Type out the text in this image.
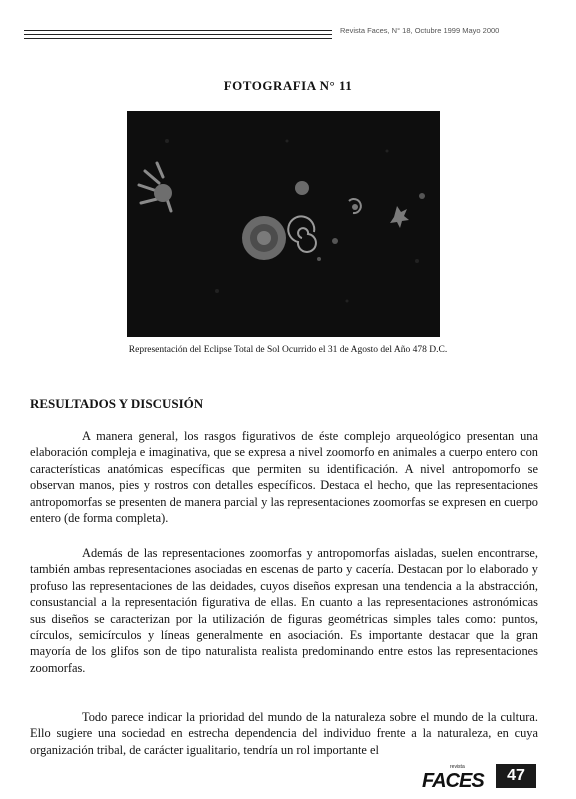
Revista Faces, N° 18, Octubre 1999 Mayo 2000
FOTOGRAFIA N° 11
Representación del Eclipse Total de Sol Ocurrido el 31 de Agosto del Año 478 D.C.
RESULTADOS Y DISCUSIÓN

A manera general, los rasgos figurativos de éste complejo arqueológico presentan una elaboración compleja e imaginativa, que se expresa a nivel zoomorfo en animales a cuerpo entero con características anatómicas específicas que permiten su identificación. A nivel antropomorfo se observan manos, pies y rostros con detalles específicos. Destaca el hecho, que las representaciones antropomorfas se presenten de manera parcial y las representaciones zoomorfas se expresen en cuerpo entero (de forma completa).

Además de las representaciones zoomorfas y antropomorfas aisladas, suelen encontrarse, también ambas representaciones asociadas en escenas de parto y cacería. Destacan por lo elaborado y profuso las representaciones de las deidades, cuyos diseños expresan una tendencia a la abstracción, consustancial a la representación figurativa de ellas. En cuanto a las representaciones astronómicas sus diseños se caracterizan por la utilización de figuras geométricas simples tales como: puntos, círculos, semicírculos y líneas generalmente en asociación. Es importante destacar que la gran mayoría de los glifos son de tipo naturalista realista predominando entre estos las representaciones zoomorfas.

Todo parece indicar la prioridad del mundo de la naturaleza sobre el mundo de la cultura. Ello sugiere una sociedad en estrecha dependencia del individuo frente a la naturaleza, en cuya organización tribal, de carácter igualitario, tendría un rol importante el

revista
FACES	47
